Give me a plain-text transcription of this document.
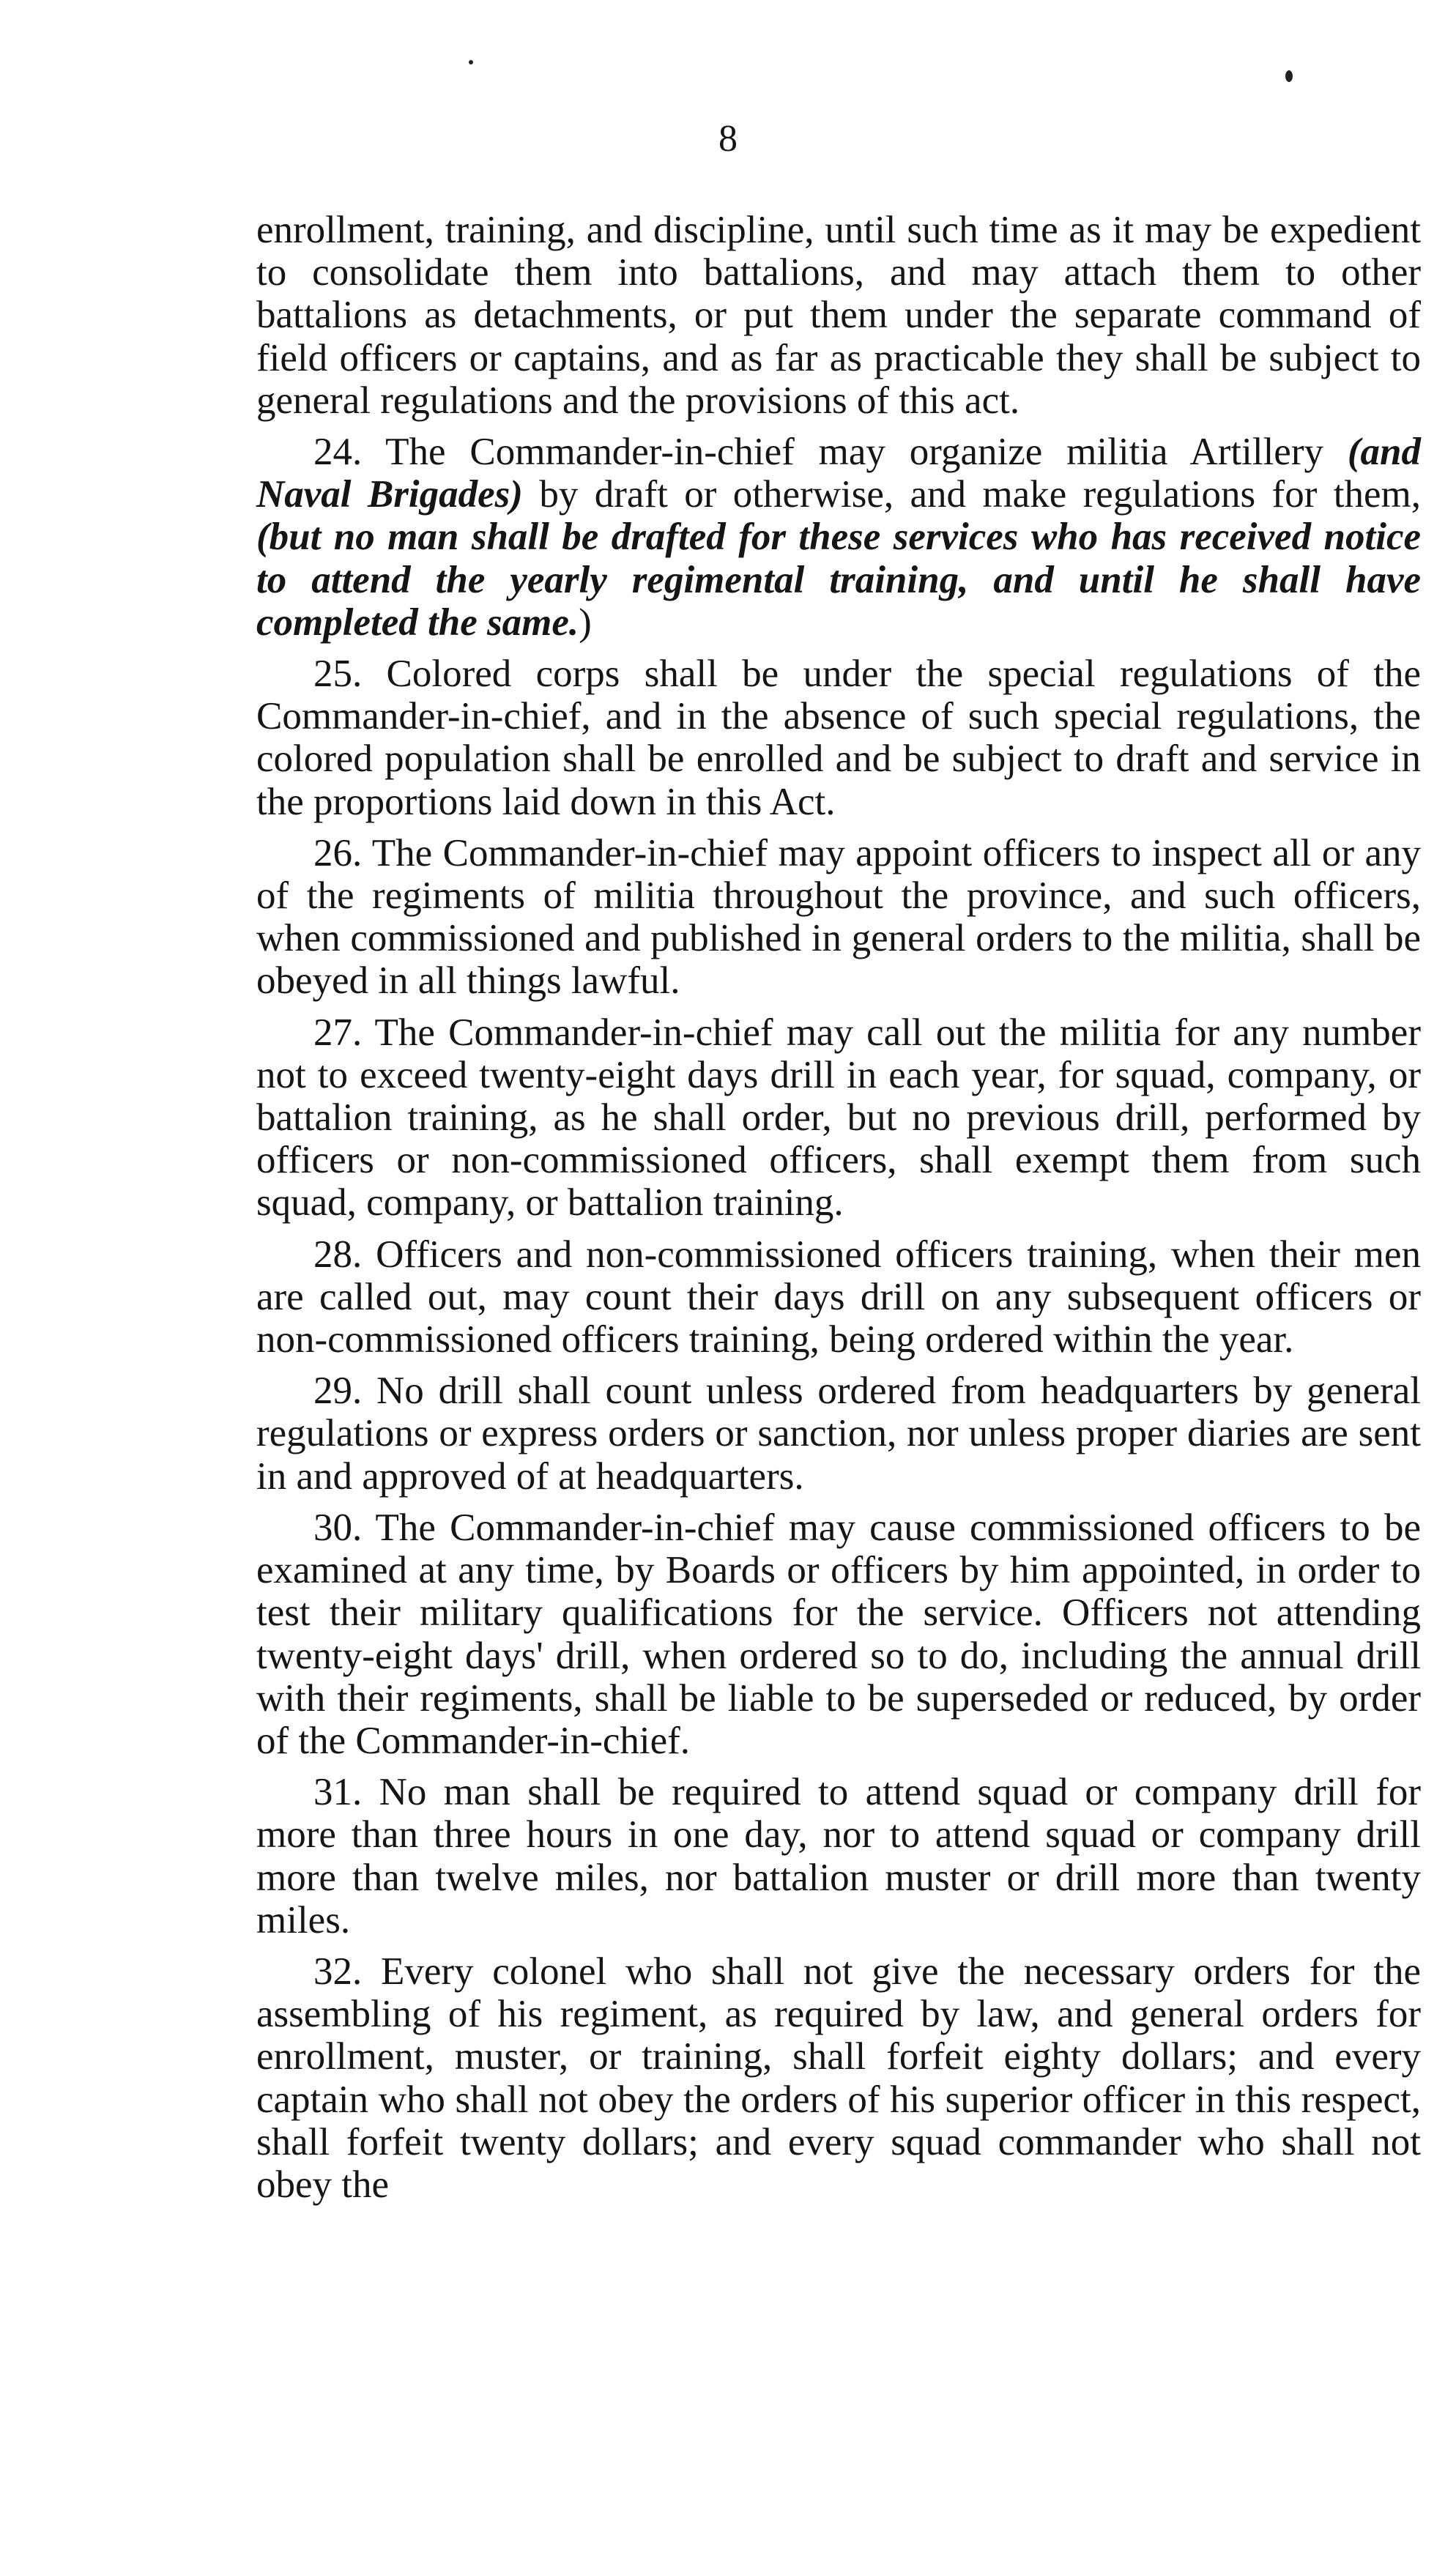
8

enrollment, training, and discipline, until such time as it may be expedient to consolidate them into battalions, and may attach them to other battalions as detachments, or put them under the separate command of field officers or captains, and as far as practicable they shall be subject to general regulations and the provisions of this act.

24. The Commander-in-chief may organize militia Artillery (and Naval Brigades) by draft or otherwise, and make regulations for them, (but no man shall be drafted for these services who has received notice to attend the yearly regimental training, and until he shall have completed the same.)

25. Colored corps shall be under the special regulations of the Commander-in-chief, and in the absence of such special regulations, the colored population shall be enrolled and be subject to draft and service in the proportions laid down in this Act.

26. The Commander-in-chief may appoint officers to inspect all or any of the regiments of militia throughout the province, and such officers, when commissioned and published in general orders to the militia, shall be obeyed in all things lawful.

27. The Commander-in-chief may call out the militia for any number not to exceed twenty-eight days drill in each year, for squad, company, or battalion training, as he shall order, but no previous drill, performed by officers or non-commissioned officers, shall exempt them from such squad, company, or battalion training.

28. Officers and non-commissioned officers training, when their men are called out, may count their days drill on any subsequent officers or non-commissioned officers training, being ordered within the year.

29. No drill shall count unless ordered from headquarters by general regulations or express orders or sanction, nor unless proper diaries are sent in and approved of at headquarters.

30. The Commander-in-chief may cause commissioned officers to be examined at any time, by Boards or officers by him appointed, in order to test their military qualifications for the service. Officers not attending twenty-eight days' drill, when ordered so to do, including the annual drill with their regiments, shall be liable to be superseded or reduced, by order of the Commander-in-chief.

31. No man shall be required to attend squad or company drill for more than three hours in one day, nor to attend squad or company drill more than twelve miles, nor battalion muster or drill more than twenty miles.

32. Every colonel who shall not give the necessary orders for the assembling of his regiment, as required by law, and general orders for enrollment, muster, or training, shall forfeit eighty dollars; and every captain who shall not obey the orders of his superior officer in this respect, shall forfeit twenty dollars; and every squad commander who shall not obey the
